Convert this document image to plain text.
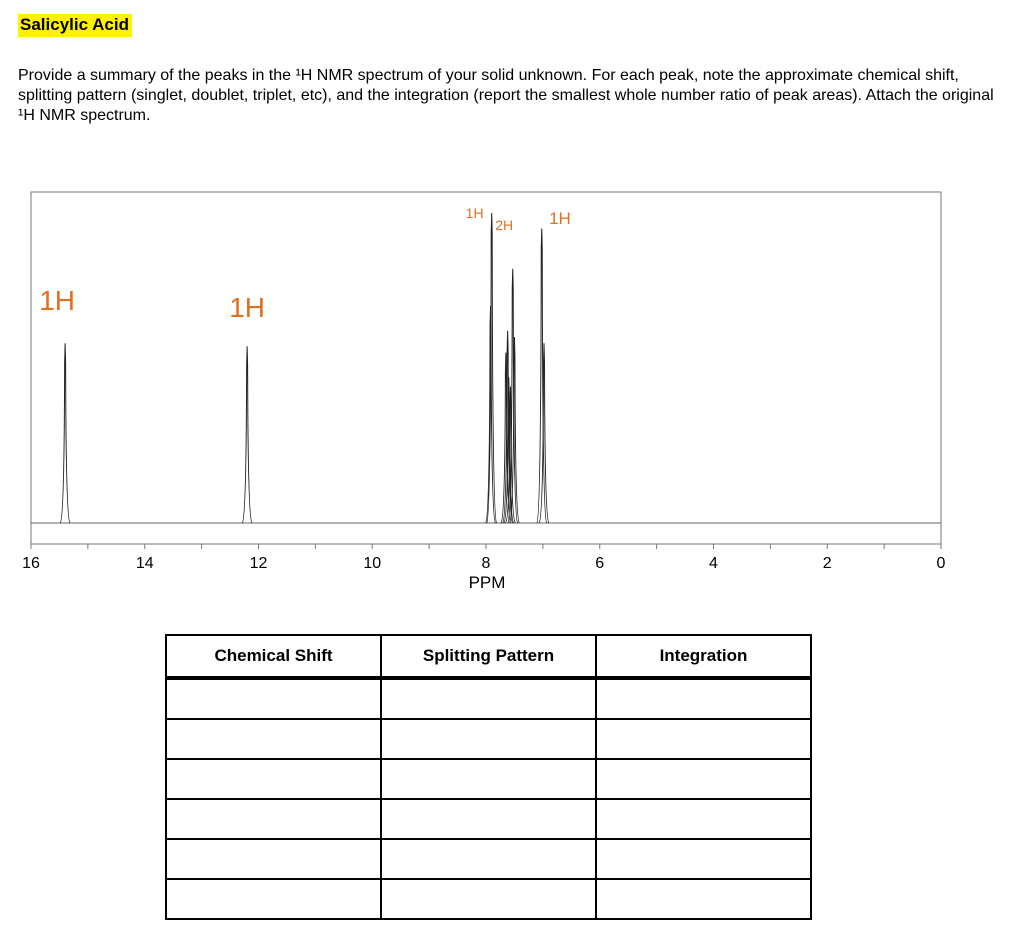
Salicylic Acid

Provide a summary of the peaks in the ¹H NMR spectrum of your solid unknown. For each peak, note the approximate chemical shift, splitting pattern (singlet, doublet, triplet, etc), and the integration (report the smallest whole number ratio of peak areas). Attach the original ¹H NMR spectrum.

16	14	12	10	8	6	4	2	0
1H	1H
1H
2H 1H
PPM
Chemical Shift	Splitting Pattern	Integration
